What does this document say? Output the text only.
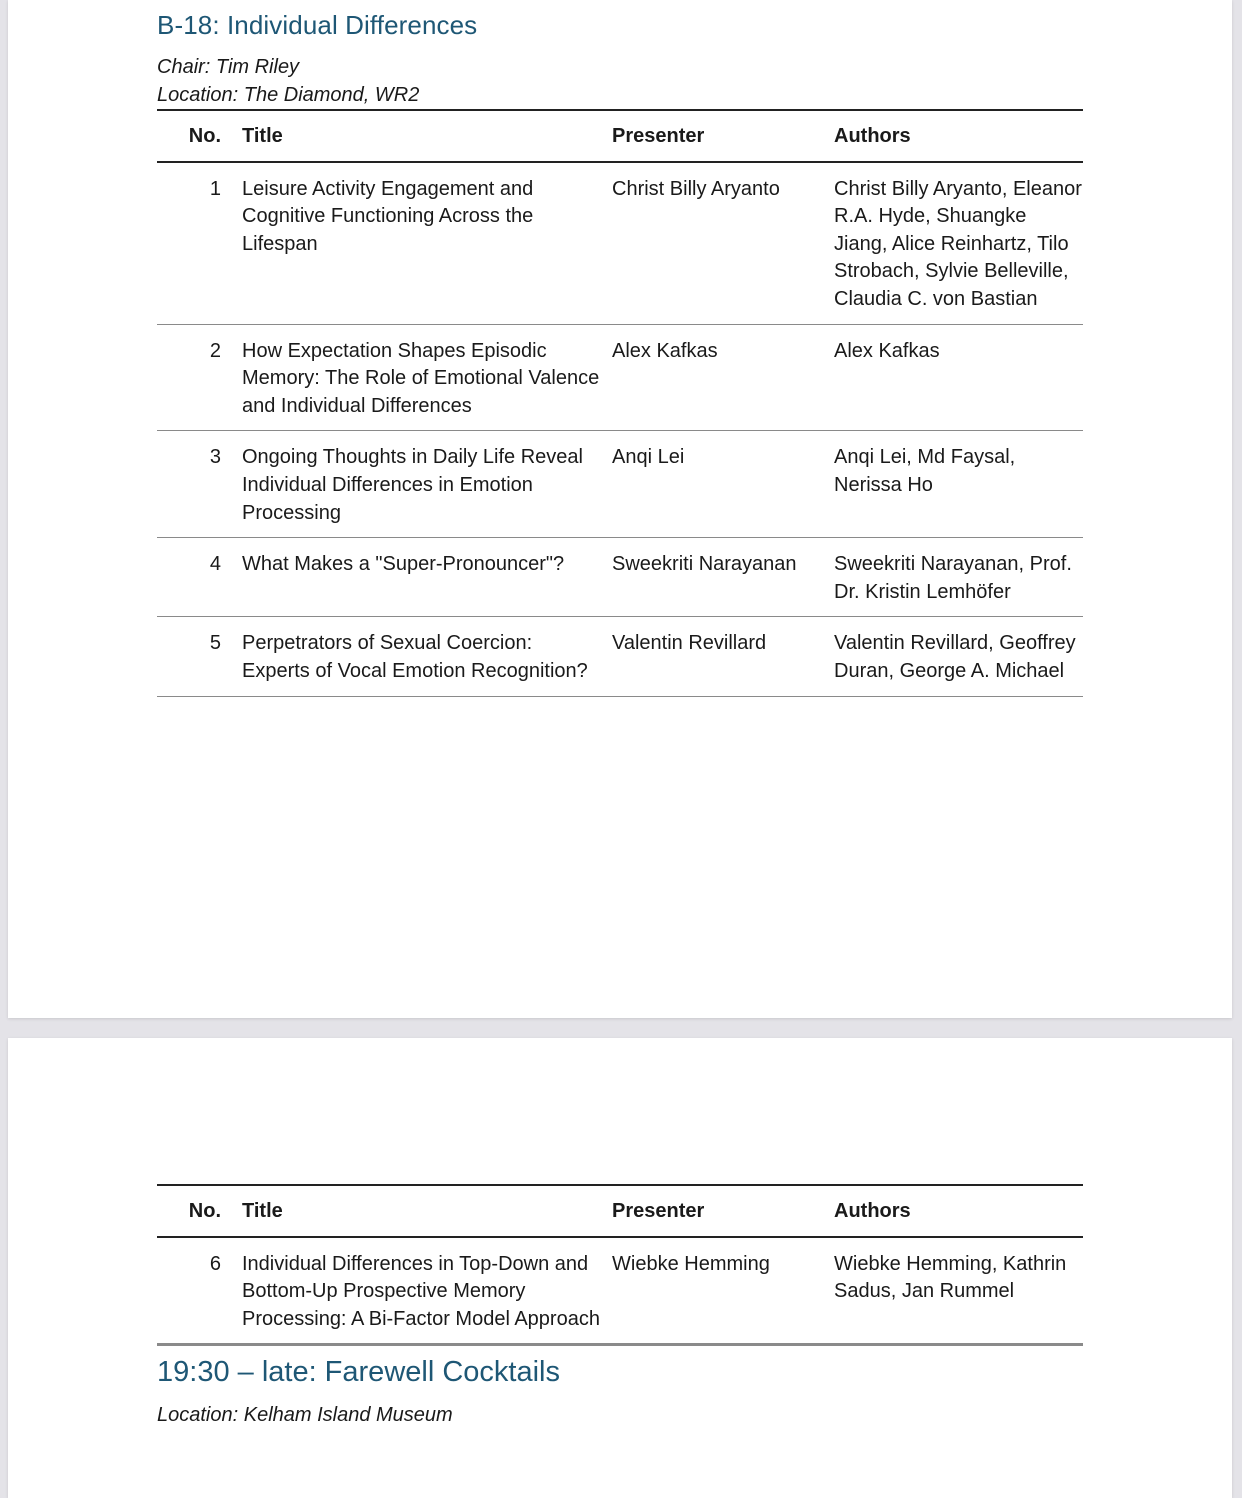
B-18: Individual Differences
Chair: Tim Riley
Location: The Diamond, WR2
No.	Title	Presenter	Authors
1	Leisure Activity Engagement and Cognitive Functioning Across the Lifespan	Christ Billy Aryanto	Christ Billy Aryanto, Eleanor R.A. Hyde, Shuangke Jiang, Alice Reinhartz, Tilo Strobach, Sylvie Belleville, Claudia C. von Bastian
2	How Expectation Shapes Episodic Memory: The Role of Emotional Valence and Individual Differences	Alex Kafkas	Alex Kafkas
3	Ongoing Thoughts in Daily Life Reveal Individual Differences in Emotion Processing	Anqi Lei	Anqi Lei, Md Faysal, Nerissa Ho
4	What Makes a "Super-Pronouncer"?	Sweekriti Narayanan	Sweekriti Narayanan, Prof. Dr. Kristin Lemhöfer
5	Perpetrators of Sexual Coercion: Experts of Vocal Emotion Recognition?	Valentin Revillard	Valentin Revillard, Geoffrey Duran, George A. Michael
No.	Title	Presenter	Authors
6	Individual Differences in Top-Down and Bottom-Up Prospective Memory Processing: A Bi-Factor Model Approach	Wiebke Hemming	Wiebke Hemming, Kathrin Sadus, Jan Rummel
19:30 – late: Farewell Cocktails
Location: Kelham Island Museum
